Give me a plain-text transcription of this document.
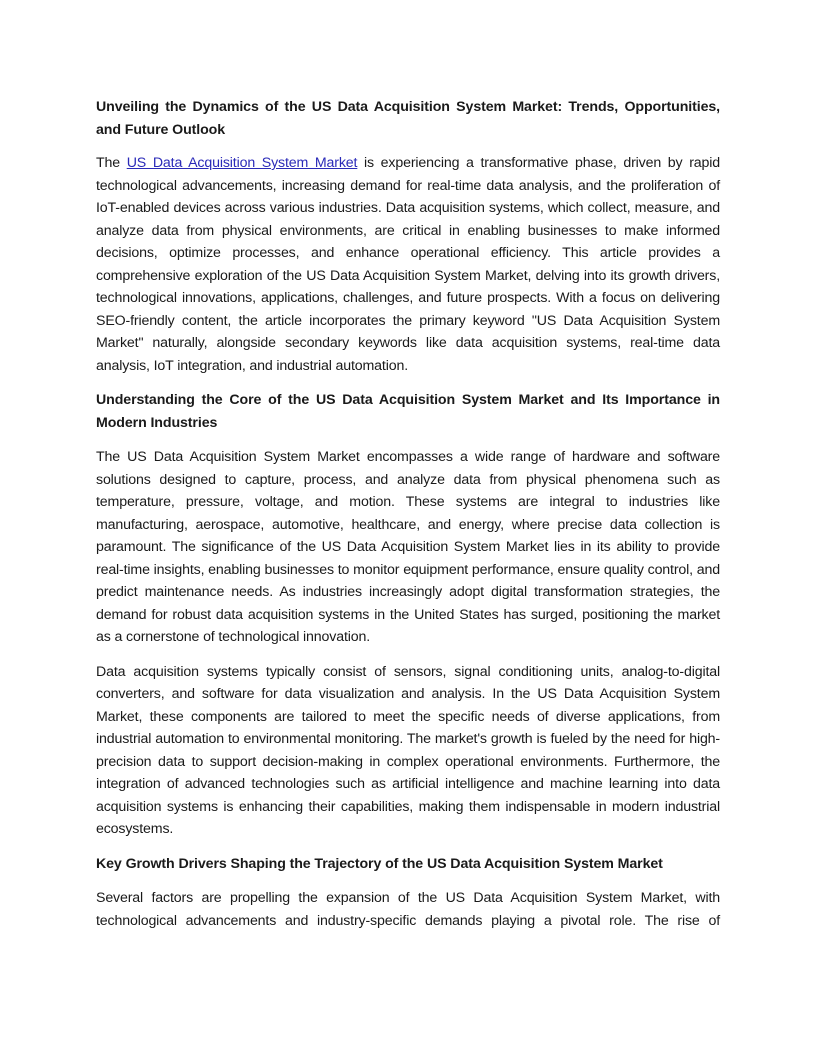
Unveiling the Dynamics of the US Data Acquisition System Market: Trends, Opportunities, and Future Outlook

The US Data Acquisition System Market is experiencing a transformative phase, driven by rapid technological advancements, increasing demand for real-time data analysis, and the proliferation of IoT-enabled devices across various industries. Data acquisition systems, which collect, measure, and analyze data from physical environments, are critical in enabling businesses to make informed decisions, optimize processes, and enhance operational efficiency. This article provides a comprehensive exploration of the US Data Acquisition System Market, delving into its growth drivers, technological innovations, applications, challenges, and future prospects. With a focus on delivering SEO-friendly content, the article incorporates the primary keyword "US Data Acquisition System Market" naturally, alongside secondary keywords like data acquisition systems, real-time data analysis, IoT integration, and industrial automation.

Understanding the Core of the US Data Acquisition System Market and Its Importance in Modern Industries

The US Data Acquisition System Market encompasses a wide range of hardware and software solutions designed to capture, process, and analyze data from physical phenomena such as temperature, pressure, voltage, and motion. These systems are integral to industries like manufacturing, aerospace, automotive, healthcare, and energy, where precise data collection is paramount. The significance of the US Data Acquisition System Market lies in its ability to provide real-time insights, enabling businesses to monitor equipment performance, ensure quality control, and predict maintenance needs. As industries increasingly adopt digital transformation strategies, the demand for robust data acquisition systems in the United States has surged, positioning the market as a cornerstone of technological innovation.

Data acquisition systems typically consist of sensors, signal conditioning units, analog-to-digital converters, and software for data visualization and analysis. In the US Data Acquisition System Market, these components are tailored to meet the specific needs of diverse applications, from industrial automation to environmental monitoring. The market's growth is fueled by the need for high-precision data to support decision-making in complex operational environments. Furthermore, the integration of advanced technologies such as artificial intelligence and machine learning into data acquisition systems is enhancing their capabilities, making them indispensable in modern industrial ecosystems.

Key Growth Drivers Shaping the Trajectory of the US Data Acquisition System Market

Several factors are propelling the expansion of the US Data Acquisition System Market, with technological advancements and industry-specific demands playing a pivotal role. The rise of
